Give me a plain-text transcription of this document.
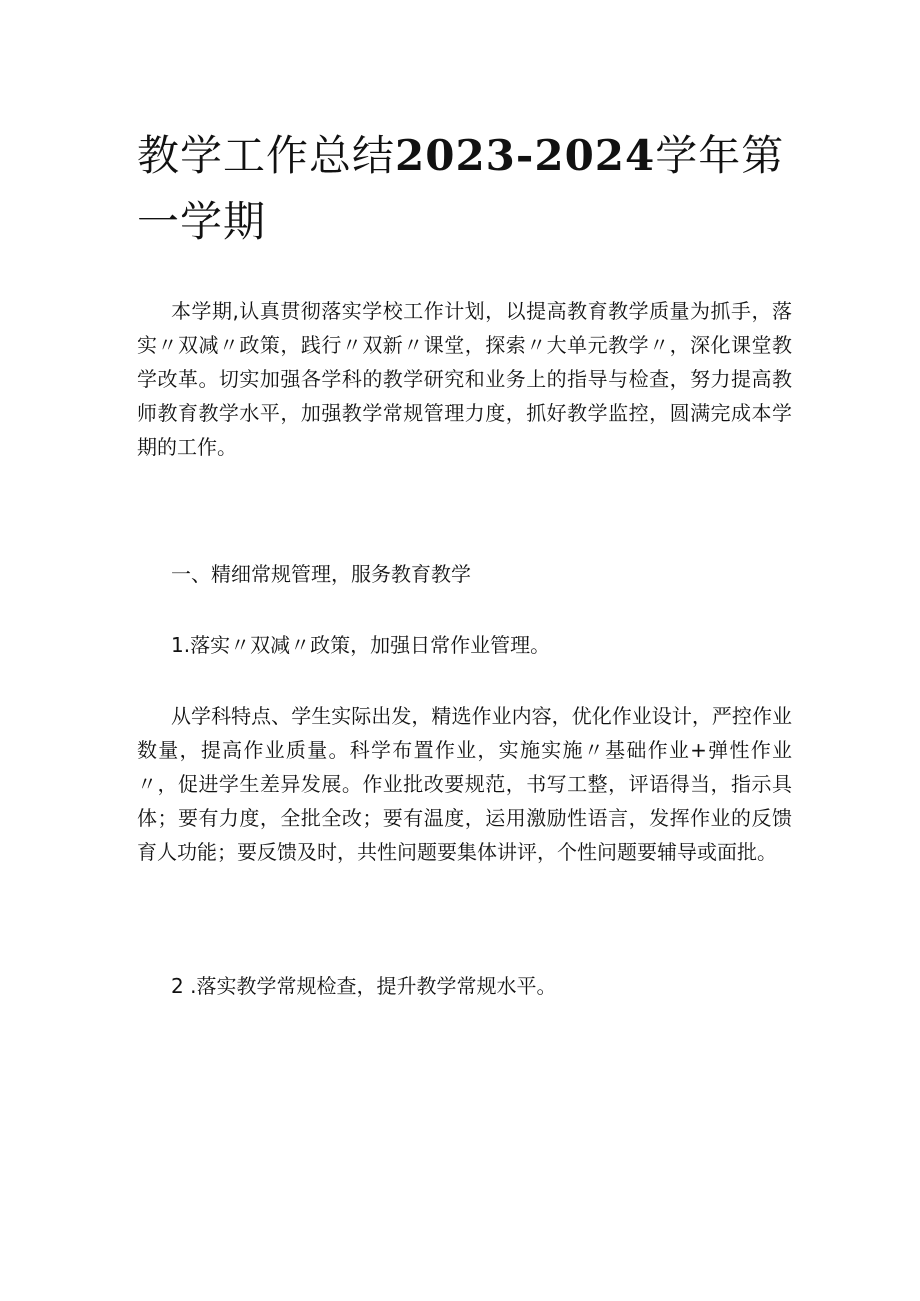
教学工作总结2023-2024学年第一学期

本学期,认真贯彻落实学校工作计划，以提高教育教学质量为抓手，落实〃双减〃政策，践行〃双新〃课堂，探索〃大单元教学〃，深化课堂教学改革。切实加强各学科的教学研究和业务上的指导与检查，努力提高教师教育教学水平，加强教学常规管理力度，抓好教学监控，圆满完成本学期的工作。

一、精细常规管理，服务教育教学

1.落实〃双减〃政策，加强日常作业管理。

从学科特点、学生实际出发，精选作业内容，优化作业设计，严控作业数量，提高作业质量。科学布置作业，实施实施〃基础作业+弹性作业〃，促进学生差异发展。作业批改要规范，书写工整，评语得当，指示具体；要有力度，全批全改；要有温度，运用激励性语言，发挥作业的反馈育人功能；要反馈及时，共性问题要集体讲评，个性问题要辅导或面批。

2 .落实教学常规检查，提升教学常规水平。
